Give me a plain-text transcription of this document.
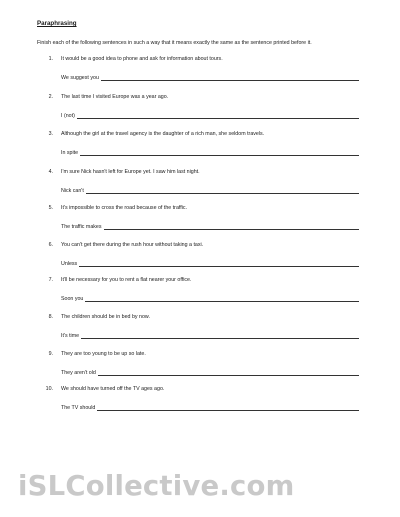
Paraphrasing
Finish each of the following sentences in such a way that it means exactly the same as the sentence printed before it.
1. It would be a good idea to phone and ask for information about tours.
We suggest you
2. The last time I visited Europe was a year ago.
I (not)
3. Although the girl at the travel agency is the daughter of a rich man, she seldom travels.
In spite
4. I'm sure Nick hasn't left for Europe yet. I saw him last night.
Nick can't
5. It's impossible to cross the road because of the traffic.
The traffic makes
6. You can't get there during the rush hour without taking a taxi.
Unless
7. It'll be necessary for you to rent a flat nearer your office.
Soon you
8. The children should be in bed by now.
It's time
9. They are too young to be up so late.
They aren't old
10. We should have turned off the TV ages ago.
The TV should
iSLCollective.com
